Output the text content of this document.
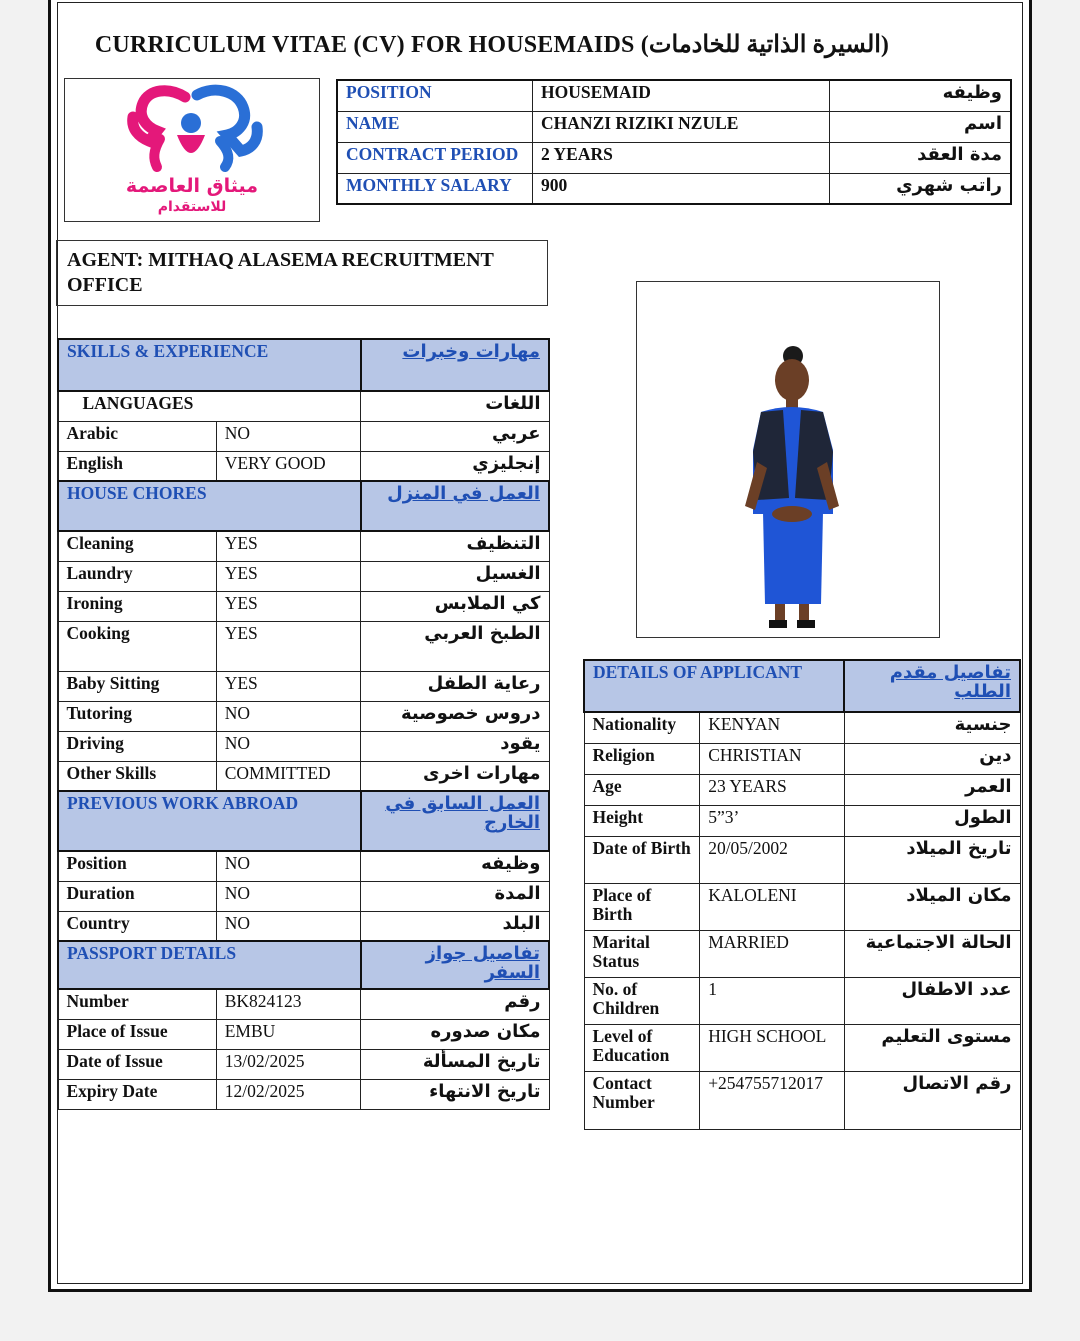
CURRICULUM VITAE (CV) FOR HOUSEMAIDS (السيرة الذاتية للخادمات)
ميثاق العاصمة
للاستقدام
POSITION	HOUSEMAID	وظيفه
NAME	CHANZI RIZIKI NZULE	اسم
CONTRACT PERIOD	2 YEARS	مدة العقد
MONTHLY SALARY	900	راتب شهري
AGENT: MITHAQ ALASEMA RECRUITMENT OFFICE
SKILLS & EXPERIENCE		مهارات وخبرات
LANGUAGES		اللغات
Arabic	NO	عربي
English	VERY GOOD	إنجليزي
HOUSE CHORES		العمل في المنزل
Cleaning	YES	التنظيف
Laundry	YES	الغسيل
Ironing	YES	كي الملابس
Cooking	YES	الطبخ العربي
Baby Sitting	YES	رعاية الطفل
Tutoring	NO	دروس خصوصية
Driving	NO	يقود
Other Skills	COMMITTED	مهارات اخرى
PREVIOUS WORK ABROAD		العمل السابق في الخارج
Position	NO	وظيفه
Duration	NO	المدة
Country	NO	البلد
PASSPORT DETAILS		تفاصيل جواز السفر
Number	BK824123	رقم
Place of Issue	EMBU	مكان صدوره
Date of Issue	13/02/2025	تاريخ المسألة
Expiry Date	12/02/2025	تاريخ الانتهاء
DETAILS OF APPLICANT		تفاصيل مقدم الطلب
Nationality	KENYAN	جنسية
Religion	CHRISTIAN	دين
Age	23 YEARS	العمر
Height	5”3’	الطول
Date of Birth	20/05/2002	تاريخ الميلاد
Place of Birth	KALOLENI	مكان الميلاد
Marital Status	MARRIED	الحالة الاجتماعية
No. of Children	1	عدد الاطفال
Level of Education	HIGH SCHOOL	مستوى التعليم
Contact Number	+254755712017	رقم الاتصال
